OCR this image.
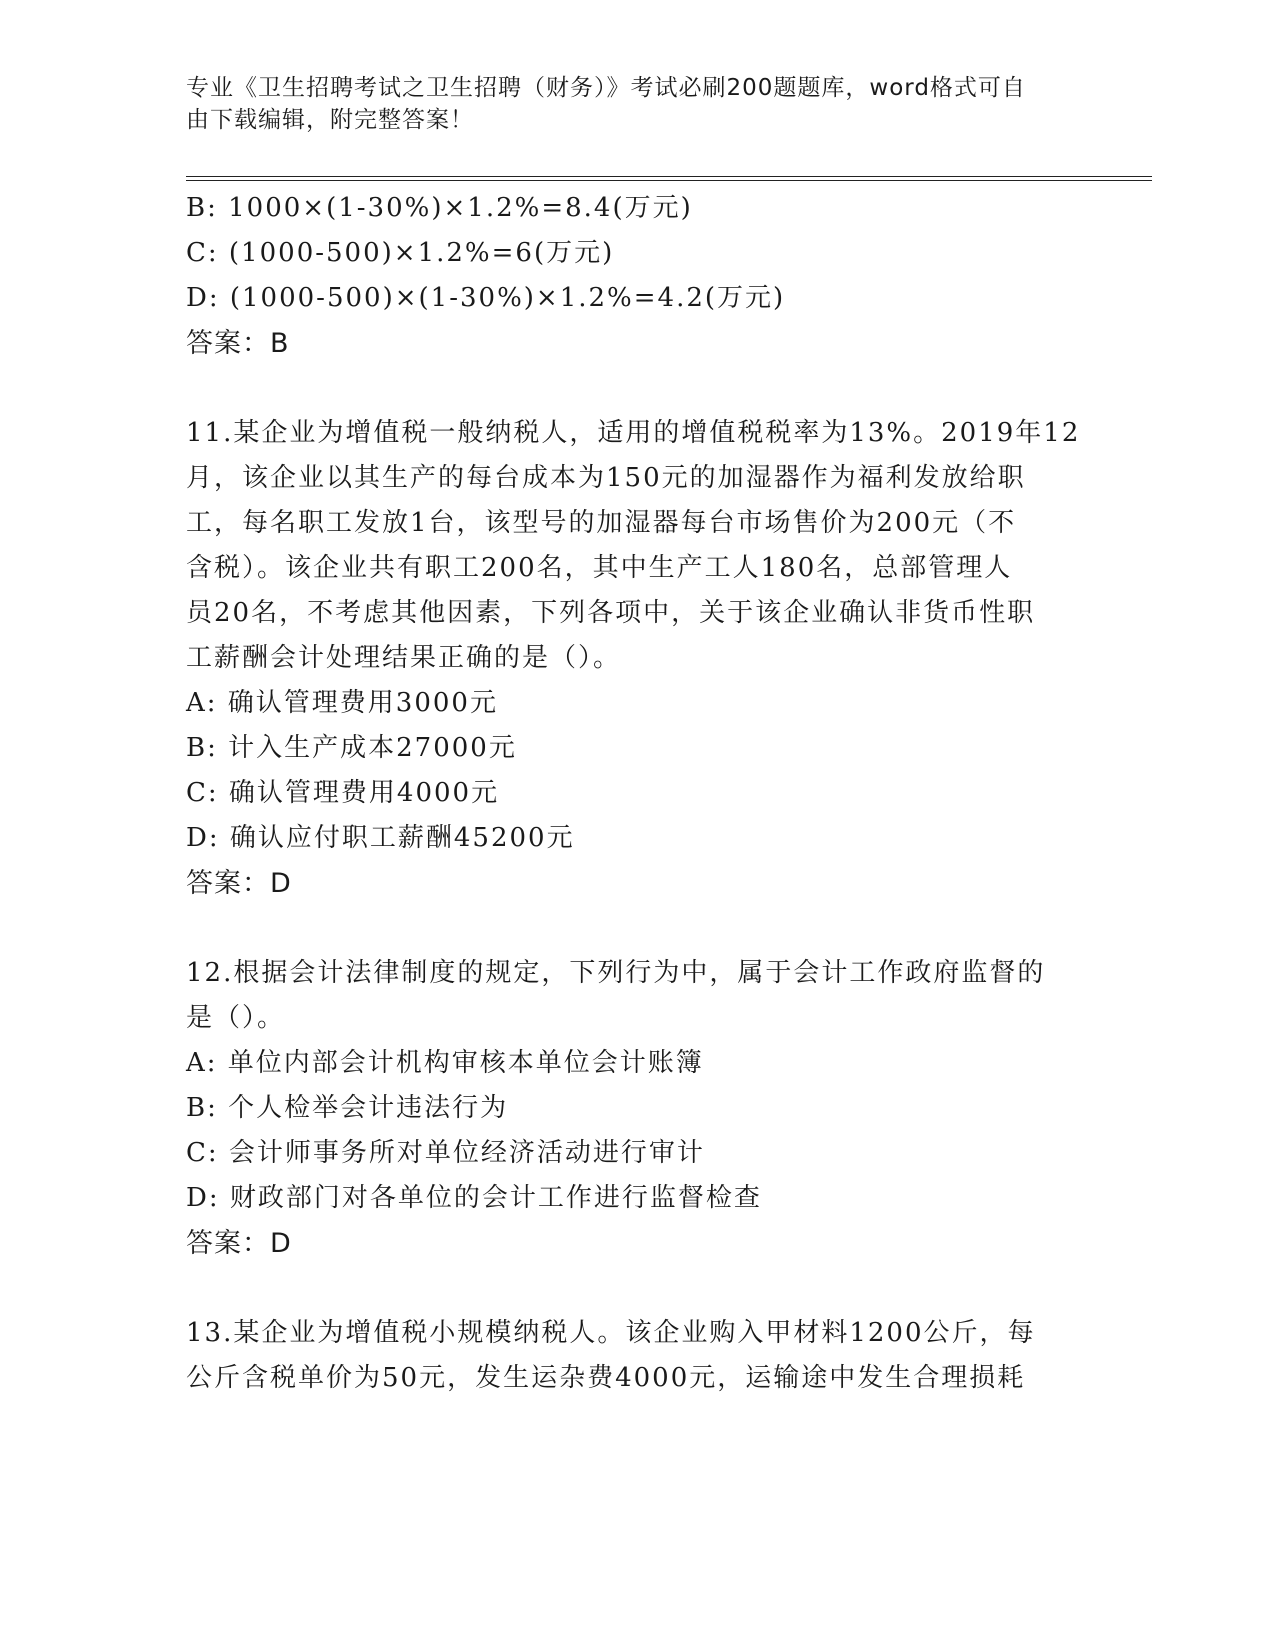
专业《卫生招聘考试之卫生招聘（财务）》考试必刷200题题库，word格式可自
由下载编辑，附完整答案！
B: 1000×(1-30%)×1.2%=8.4(万元)
C: (1000-500)×1.2%=6(万元)
D: (1000-500)×(1-30%)×1.2%=4.2(万元)
答案：B
11.某企业为增值税一般纳税人，适用的增值税税率为13%。2019年12
月，该企业以其生产的每台成本为150元的加湿器作为福利发放给职
工，每名职工发放1台，该型号的加湿器每台市场售价为200元（不
含税）。该企业共有职工200名，其中生产工人180名，总部管理人
员20名，不考虑其他因素，下列各项中，关于该企业确认非货币性职
工薪酬会计处理结果正确的是（）。
A: 确认管理费用3000元
B: 计入生产成本27000元
C: 确认管理费用4000元
D: 确认应付职工薪酬45200元
答案：D
12.根据会计法律制度的规定，下列行为中，属于会计工作政府监督的
是（）。
A: 单位内部会计机构审核本单位会计账簿
B: 个人检举会计违法行为
C: 会计师事务所对单位经济活动进行审计
D: 财政部门对各单位的会计工作进行监督检查
答案：D
13.某企业为增值税小规模纳税人。该企业购入甲材料1200公斤，每
公斤含税单价为50元，发生运杂费4000元，运输途中发生合理损耗
